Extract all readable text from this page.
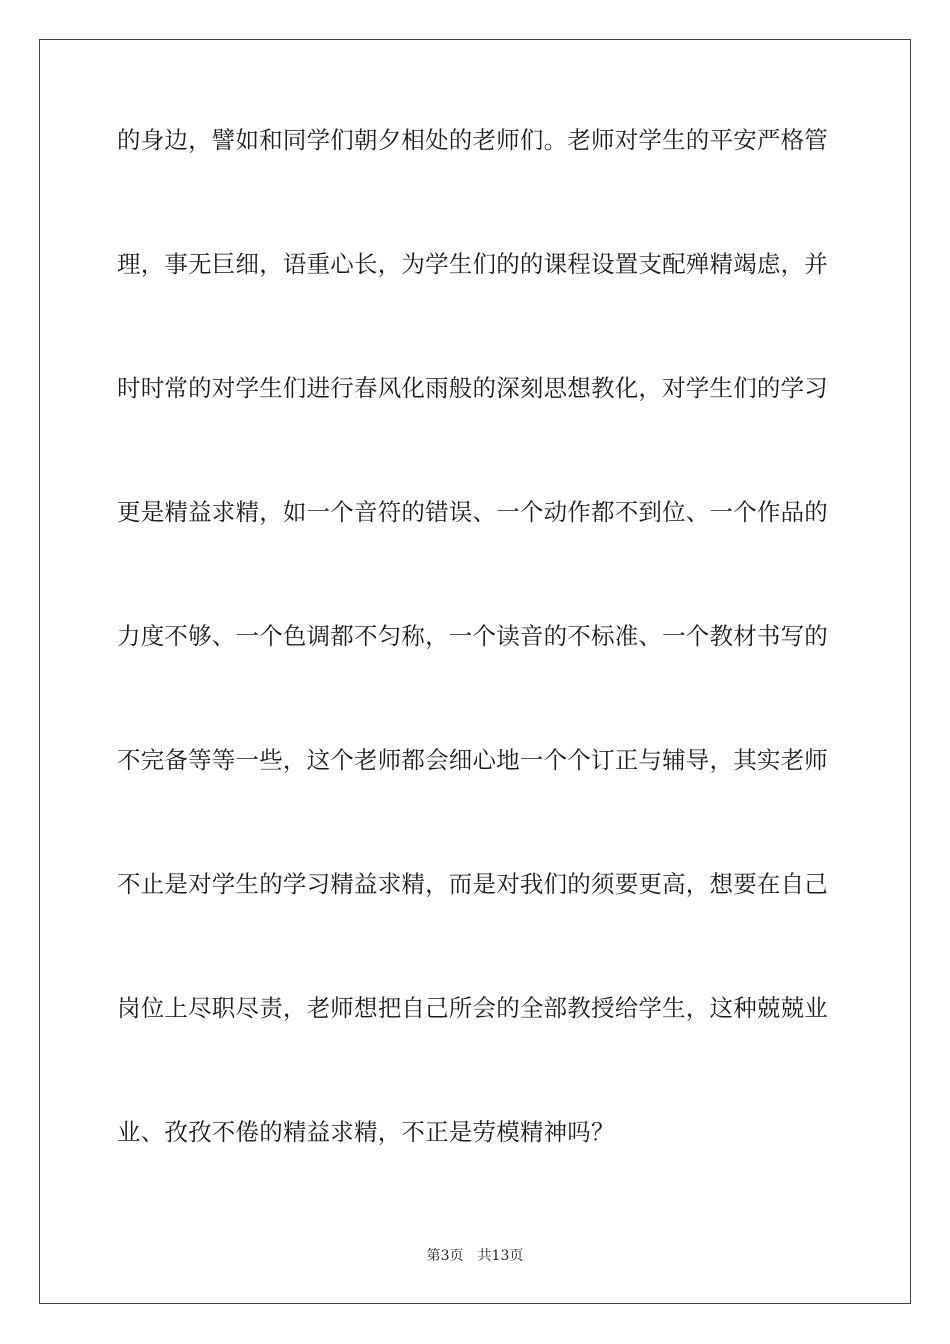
的身边，譬如和同学们朝夕相处的老师们。老师对学生的平安严格管
理，事无巨细，语重心长，为学生们的的课程设置支配殚精竭虑，并
时时常的对学生们进行春风化雨般的深刻思想教化，对学生们的学习
更是精益求精，如一个音符的错误、一个动作都不到位、一个作品的
力度不够、一个色调都不匀称，一个读音的不标准、一个教材书写的
不完备等等一些，这个老师都会细心地一个个订正与辅导，其实老师
不止是对学生的学习精益求精，而是对我们的须要更高，想要在自己
岗位上尽职尽责，老师想把自己所会的全部教授给学生，这种兢兢业
业、孜孜不倦的精益求精，不正是劳模精神吗？
第3页 共13页
